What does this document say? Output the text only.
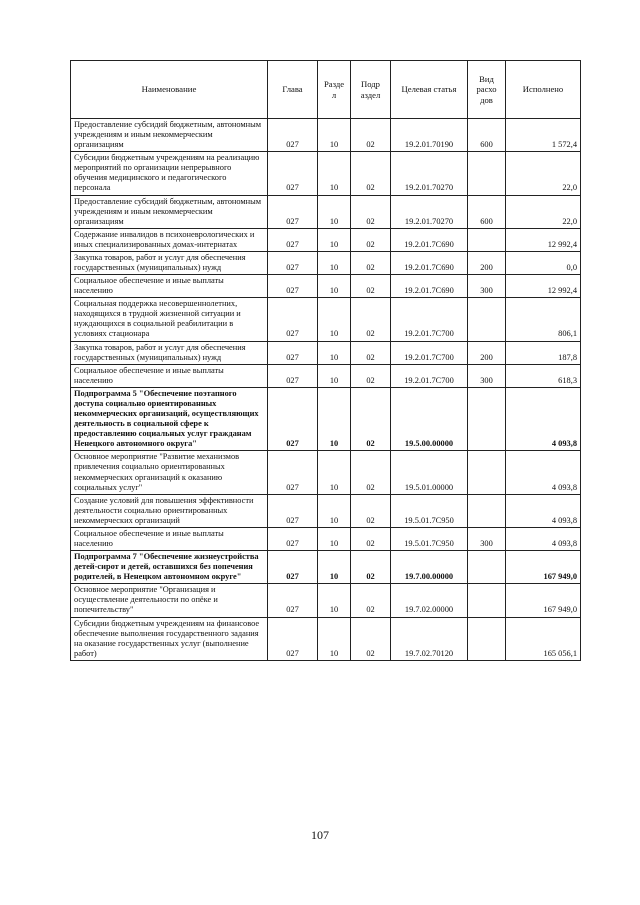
Наименование	Глава	Разде л	Подр аздел	Целевая статья	Вид расхо дов	Исполнено
Предоставление субсидий бюджетным, автономным учреждениям и иным некоммерческим организациям	027	10	02	19.2.01.70190	600	1 572,4
Субсидии бюджетным учреждениям на реализацию мероприятий по организации непрерывного обучения медицинского и педагогического персонала	027	10	02	19.2.01.70270		22,0
Предоставление субсидий бюджетным, автономным учреждениям и иным некоммерческим организациям	027	10	02	19.2.01.70270	600	22,0
Содержание инвалидов в психоневрологических и иных специализированных домах-интернатах	027	10	02	19.2.01.7С690		12 992,4
Закупка товаров, работ и услуг для обеспечения государственных (муниципальных) нужд	027	10	02	19.2.01.7С690	200	0,0
Социальное обеспечение и иные выплаты населению	027	10	02	19.2.01.7С690	300	12 992,4
Социальная поддержка несовершеннолетних, находящихся в трудной жизненной ситуации и нуждающихся в социальной реабилитации в условиях стационара	027	10	02	19.2.01.7С700		806,1
Закупка товаров, работ и услуг для обеспечения государственных (муниципальных) нужд	027	10	02	19.2.01.7С700	200	187,8
Социальное обеспечение и иные выплаты населению	027	10	02	19.2.01.7С700	300	618,3
Подпрограмма 5 "Обеспечение поэтапного доступа социально ориентированных некоммерческих организаций, осуществляющих деятельность в социальной сфере к предоставлению социальных услуг гражданам Ненецкого автономного округа"	027	10	02	19.5.00.00000		4 093,8
Основное мероприятие "Развитие механизмов привлечения социально ориентированных некоммерческих организаций к оказанию социальных услуг"	027	10	02	19.5.01.00000		4 093,8
Создание условий для повышения эффективности деятельности социально ориентированных некоммерческих организаций	027	10	02	19.5.01.7С950		4 093,8
Социальное обеспечение и иные выплаты населению	027	10	02	19.5.01.7С950	300	4 093,8
Подпрограмма 7 "Обеспечение жизнеустройства детей-сирот и детей, оставшихся без попечения родителей, в Ненецком автономном округе"	027	10	02	19.7.00.00000		167 949,0
Основное мероприятие "Организация и осуществление деятельности по опёке и попечительству"	027	10	02	19.7.02.00000		167 949,0
Субсидии бюджетным учреждениям на финансовое обеспечение выполнения государственного задания на оказание государственных услуг (выполнение работ)	027	10	02	19.7.02.70120		165 056,1
107
